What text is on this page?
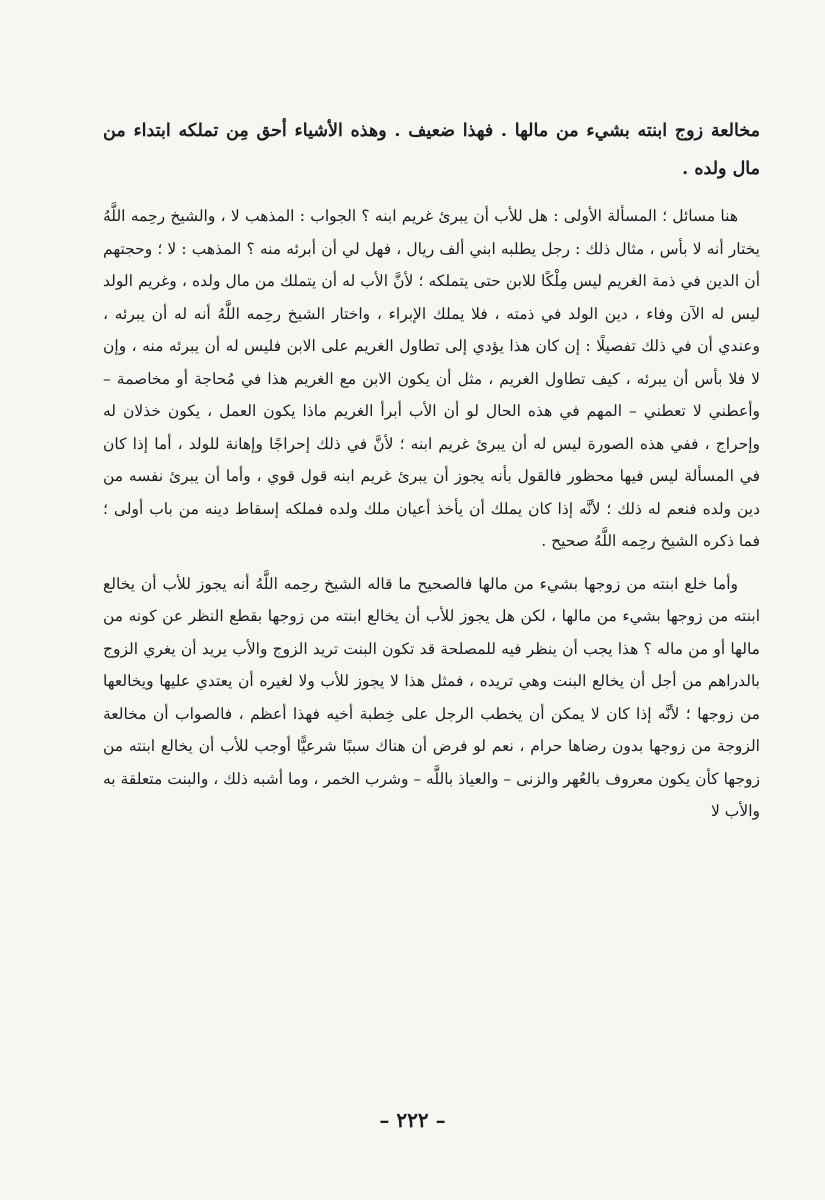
مخالعة زوج ابنته بشيء من مالها . فهذا ضعيف . وهذه الأشياء أحق مِن تملكه ابتداء من مال ولده .

هنا مسائل ؛ المسألة الأولى : هل للأب أن يبرئ غريم ابنه ؟ الجواب : المذهب لا ، والشيخ رحِمه اللَّهُ يختار أنه لا بأس ، مثال ذلك : رجل يطلبه ابني ألف ريال ، فهل لي أن أبرئه منه ؟ المذهب : لا ؛ وحجتهم أن الدين في ذمة الغريم ليس مِلْكًا للابن حتى يتملكه ؛ لأنَّ الأب له أن يتملك من مال ولده ، وغريم الولد ليس له الآن وفاء ، دين الولد في ذمته ، فلا يملك الإبراء ، واختار الشيخ رحِمه اللَّهُ أنه له أن يبرئه ، وعندي أن في ذلك تفصيلًا : إن كان هذا يؤدي إلى تطاول الغريم على الابن فليس له أن يبرئه منه ، وإن لا فلا بأس أن يبرئه ، كيف تطاول الغريم ، مثل أن يكون الابن مع الغريم هذا في مُحاجة أو مخاصمة – وأعطني لا تعطني – المهم في هذه الحال لو أن الأب أبرأ الغريم ماذا يكون العمل ، يكون خذلان له وإحراج ، ففي هذه الصورة ليس له أن يبرئ غريم ابنه ؛ لأنَّ في ذلك إحراجًا وإهانة للولد ، أما إذا كان في المسألة ليس فيها محظور فالقول بأنه يجوز أن يبرئ غريم ابنه قول قوي ، وأما أن يبرئ نفسه من دين ولده فنعم له ذلك ؛ لأنَّه إذا كان يملك أن يأخذ أعيان ملك ولده فملكه إسقاط دينه من باب أولى ؛ فما ذكره الشيخ رحِمه اللَّهُ صحيح .

وأما خلع ابنته من زوجها بشيء من مالها فالصحيح ما قاله الشيخ رحِمه اللَّهُ أنه يجوز للأب أن يخالع ابنته من زوجها بشيء من مالها ، لكن هل يجوز للأب أن يخالع ابنته من زوجها بقطع النظر عن كونه من مالها أو من ماله ؟ هذا يجب أن ينظر فيه للمصلحة قد تكون البنت تريد الزوج والأب يريد أن يغري الزوج بالدراهم من أجل أن يخالع البنت وهي تريده ، فمثل هذا لا يجوز للأب ولا لغيره أن يعتدي عليها ويخالعها من زوجها ؛ لأنَّه إذا كان لا يمكن أن يخطب الرجل على خِطبة أخيه فهذا أعظم ، فالصواب أن مخالعة الزوجة من زوجها بدون رضاها حرام ، نعم لو فرض أن هناك سببًا شرعيًّا أوجب للأب أن يخالع ابنته من زوجها كأن يكون معروف بالعُهر والزنى – والعياذ باللَّه – وشرب الخمر ، وما أشبه ذلك ، والبنت متعلقة به والأب لا

– ٢٢٢ –
